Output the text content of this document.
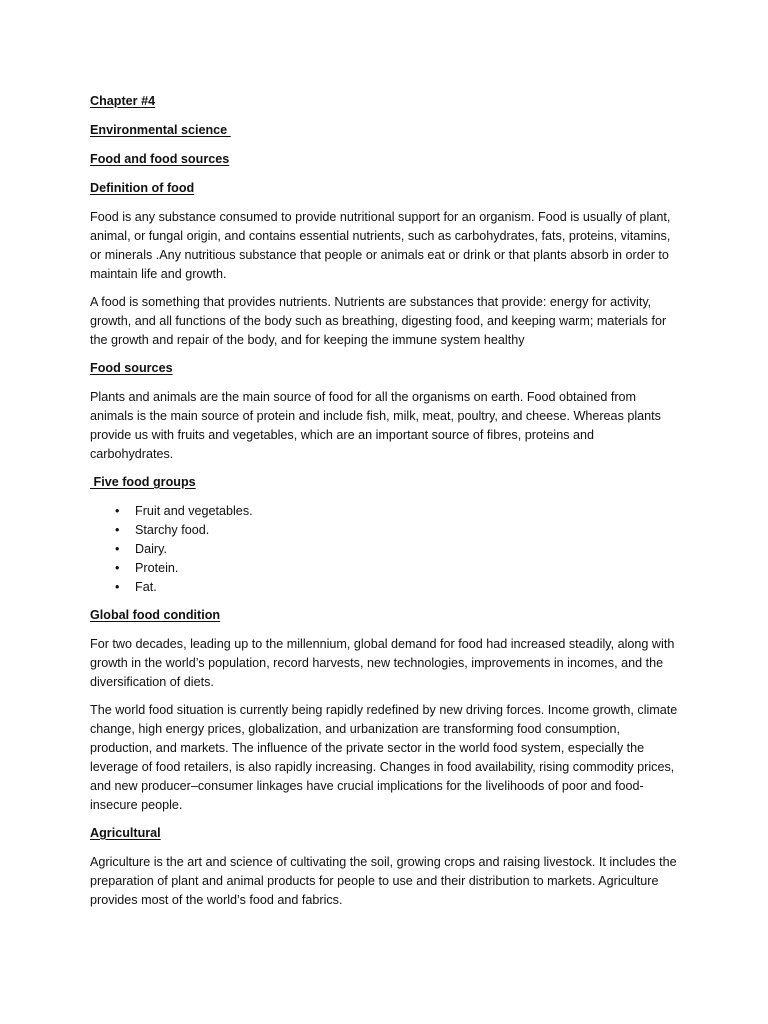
Chapter #4
Environmental science
Food and food sources
Definition of food

Food is any substance consumed to provide nutritional support for an organism. Food is usually of plant, animal, or fungal origin, and contains essential nutrients, such as carbohydrates, fats, proteins, vitamins, or minerals .Any nutritious substance that people or animals eat or drink or that plants absorb in order to maintain life and growth.

A food is something that provides nutrients. Nutrients are substances that provide: energy for activity, growth, and all functions of the body such as breathing, digesting food, and keeping warm; materials for the growth and repair of the body, and for keeping the immune system healthy

Food sources

Plants and animals are the main source of food for all the organisms on earth. Food obtained from animals is the main source of protein and include fish, milk, meat, poultry, and cheese. Whereas plants provide us with fruits and vegetables, which are an important source of fibres, proteins and carbohydrates.

Five food groups
• Fruit and vegetables.
• Starchy food.
• Dairy.
• Protein.
• Fat.
Global food condition

For two decades, leading up to the millennium, global demand for food had increased steadily, along with growth in the world’s population, record harvests, new technologies, improvements in incomes, and the diversification of diets.

The world food situation is currently being rapidly redefined by new driving forces. Income growth, climate change, high energy prices, globalization, and urbanization are transforming food consumption, production, and markets. The influence of the private sector in the world food system, especially the leverage of food retailers, is also rapidly increasing. Changes in food availability, rising commodity prices, and new producer–consumer linkages have crucial implications for the livelihoods of poor and food-insecure people.

Agricultural

Agriculture is the art and science of cultivating the soil, growing crops and raising livestock. It includes the preparation of plant and animal products for people to use and their distribution to markets. Agriculture provides most of the world’s food and fabrics.
